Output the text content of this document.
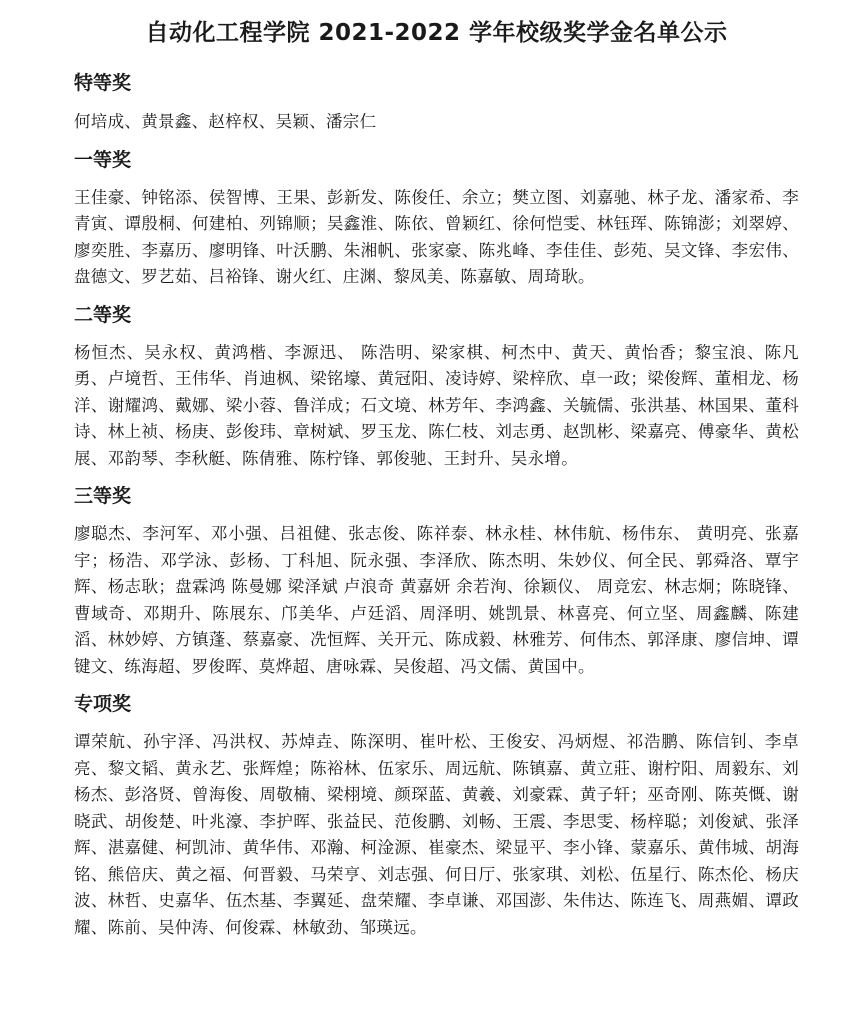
自动化工程学院 2021-2022 学年校级奖学金名单公示

特等奖

何培成、黄景鑫、赵梓权、吴颖、潘宗仁

一等奖

王佳豪、钟铭添、侯智博、王果、彭新发、陈俊任、余立；樊立图、刘嘉驰、林子龙、潘家希、李青寅、谭殷桐、何建柏、列锦顺；吴鑫淮、陈依、曾颖红、徐何恺雯、林钰珲、陈锦澎；刘翠婷、廖奕胜、李嘉历、廖明锋、叶沃鹏、朱湘帆、张家豪、陈兆峰、李佳佳、彭苑、吴文锋、李宏伟、盘德文、罗艺茹、吕裕锋、谢火红、庄渊、黎凤美、陈嘉敏、周琦耿。

二等奖

杨恒杰、吴永权、黄鸿楷、李源迅、 陈浩明、梁家棋、柯杰中、黄天、黄怡香；黎宝浪、陈凡勇、卢境哲、王伟华、肖迪枫、梁铭壕、黄冠阳、凌诗婷、梁梓欣、卓一政；梁俊辉、董相龙、杨洋、谢耀鸿、戴娜、梁小蓉、鲁洋成；石文境、林芳年、李鸿鑫、关毓儒、张洪基、林国果、董科诗、林上祯、杨庚、彭俊玮、章树斌、罗玉龙、陈仁枝、刘志勇、赵凯彬、梁嘉亮、傅豪华、黄松展、邓韵琴、李秋艇、陈倩雅、陈柠锋、郭俊驰、王封升、吴永增。

三等奖

廖聪杰、李河军、邓小强、吕祖健、张志俊、陈祥泰、林永桂、林伟航、杨伟东、 黄明亮、张嘉宇；杨浩、邓学泳、彭杨、丁科旭、阮永强、李泽欣、陈杰明、朱妙仪、何全民、郭舜洛、覃宇辉、杨志耿；盘霖鸿 陈曼娜 梁泽斌 卢浪奇 黄嘉妍 余若洵、徐颖仪、 周竞宏、林志炯；陈晓锋、曹域奇、邓期升、陈展东、邝美华、卢廷滔、周泽明、姚凯景、林喜亮、何立坚、周鑫麟、陈建滔、林妙婷、方镇蓬、蔡嘉豪、冼恒辉、关开元、陈成毅、林雅芳、何伟杰、郭泽康、廖信坤、谭键文、练海超、罗俊晖、莫烨超、唐咏霖、吴俊超、冯文儒、黄国中。

专项奖

谭荣航、孙宇泽、冯洪权、苏焯垚、陈深明、崔叶松、王俊安、冯炳煜、祁浩鹏、陈信钊、李卓亮、黎文韬、黄永艺、张辉煌；陈裕林、伍家乐、周远航、陈镇嘉、黄立莊、谢柠阳、周毅东、刘杨杰、彭洛贤、曾海俊、周敬楠、梁栩境、颜琛蓝、黄羲、刘豪霖、黄子轩；巫奇刚、陈英慨、谢晓武、胡俊楚、叶兆濠、李护晖、张益民、范俊鹏、刘畅、王震、李思雯、杨梓聪；刘俊斌、张泽辉、湛嘉健、柯凯沛、黄华伟、邓瀚、柯淦源、崔豪杰、梁显平、李小锋、蒙嘉乐、黄伟城、胡海铭、熊倍庆、黄之福、何晋毅、马荣亨、刘志强、何日厅、张家琪、刘松、伍星行、陈杰伦、杨庆波、林哲、史嘉华、伍杰基、李翼延、盘荣耀、李卓谦、邓国澎、朱伟达、陈连飞、周燕媚、谭政耀、陈前、吴仲涛、何俊霖、林敏劲、邹瑛远。
